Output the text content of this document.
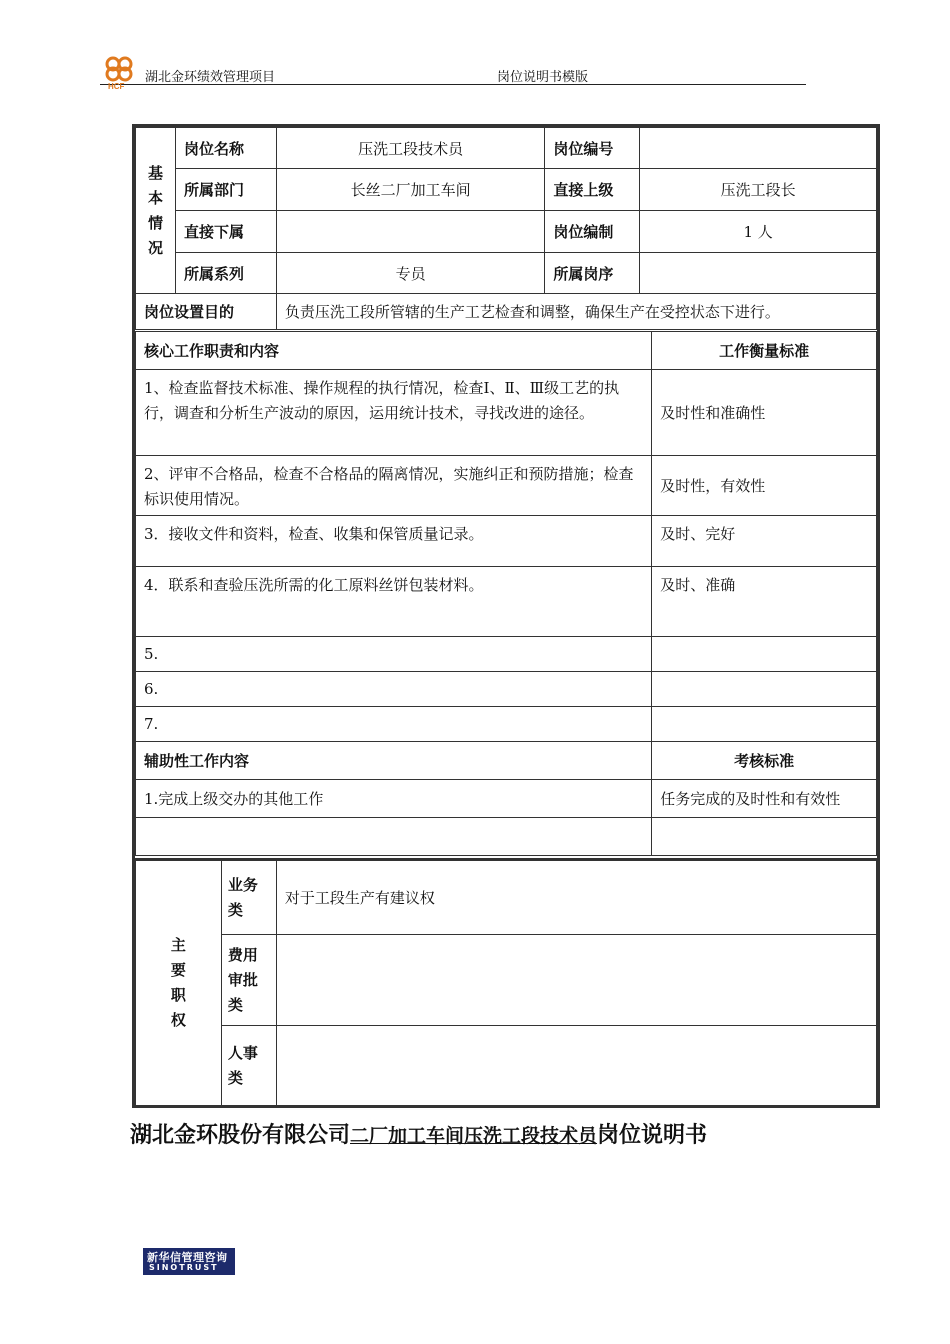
HCF
湖北金环绩效管理项目	岗位说明书模版
基本情况	岗位名称	压洗工段技术员	岗位编号	
	所属部门	长丝二厂加工车间	直接上级	压洗工段长
	直接下属		岗位编制	1 人
	所属系列	专员	所属岗序	
岗位设置目的	负责压洗工段所管辖的生产工艺检查和调整，确保生产在受控状态下进行。
核心工作职责和内容	工作衡量标准
1、检查监督技术标准、操作规程的执行情况，检查Ⅰ、Ⅱ、Ⅲ级工艺的执行，调查和分析生产波动的原因，运用统计技术，寻找改进的途径。	及时性和准确性
2、评审不合格品，检查不合格品的隔离情况，实施纠正和预防措施；检查标识使用情况。	及时性，有效性
3．接收文件和资料，检查、收集和保管质量记录。	及时、完好
4．联系和查验压洗所需的化工原料丝饼包装材料。	及时、准确
5.	
6.	
7.	
辅助性工作内容	考核标准
1.完成上级交办的其他工作	任务完成的及时性和有效性

主要职权	业务类	对于工段生产有建议权
	费用审批类	
	人事类	
湖北金环股份有限公司二厂加工车间压洗工段技术员岗位说明书
新华信管理咨询
SINOTRUST
